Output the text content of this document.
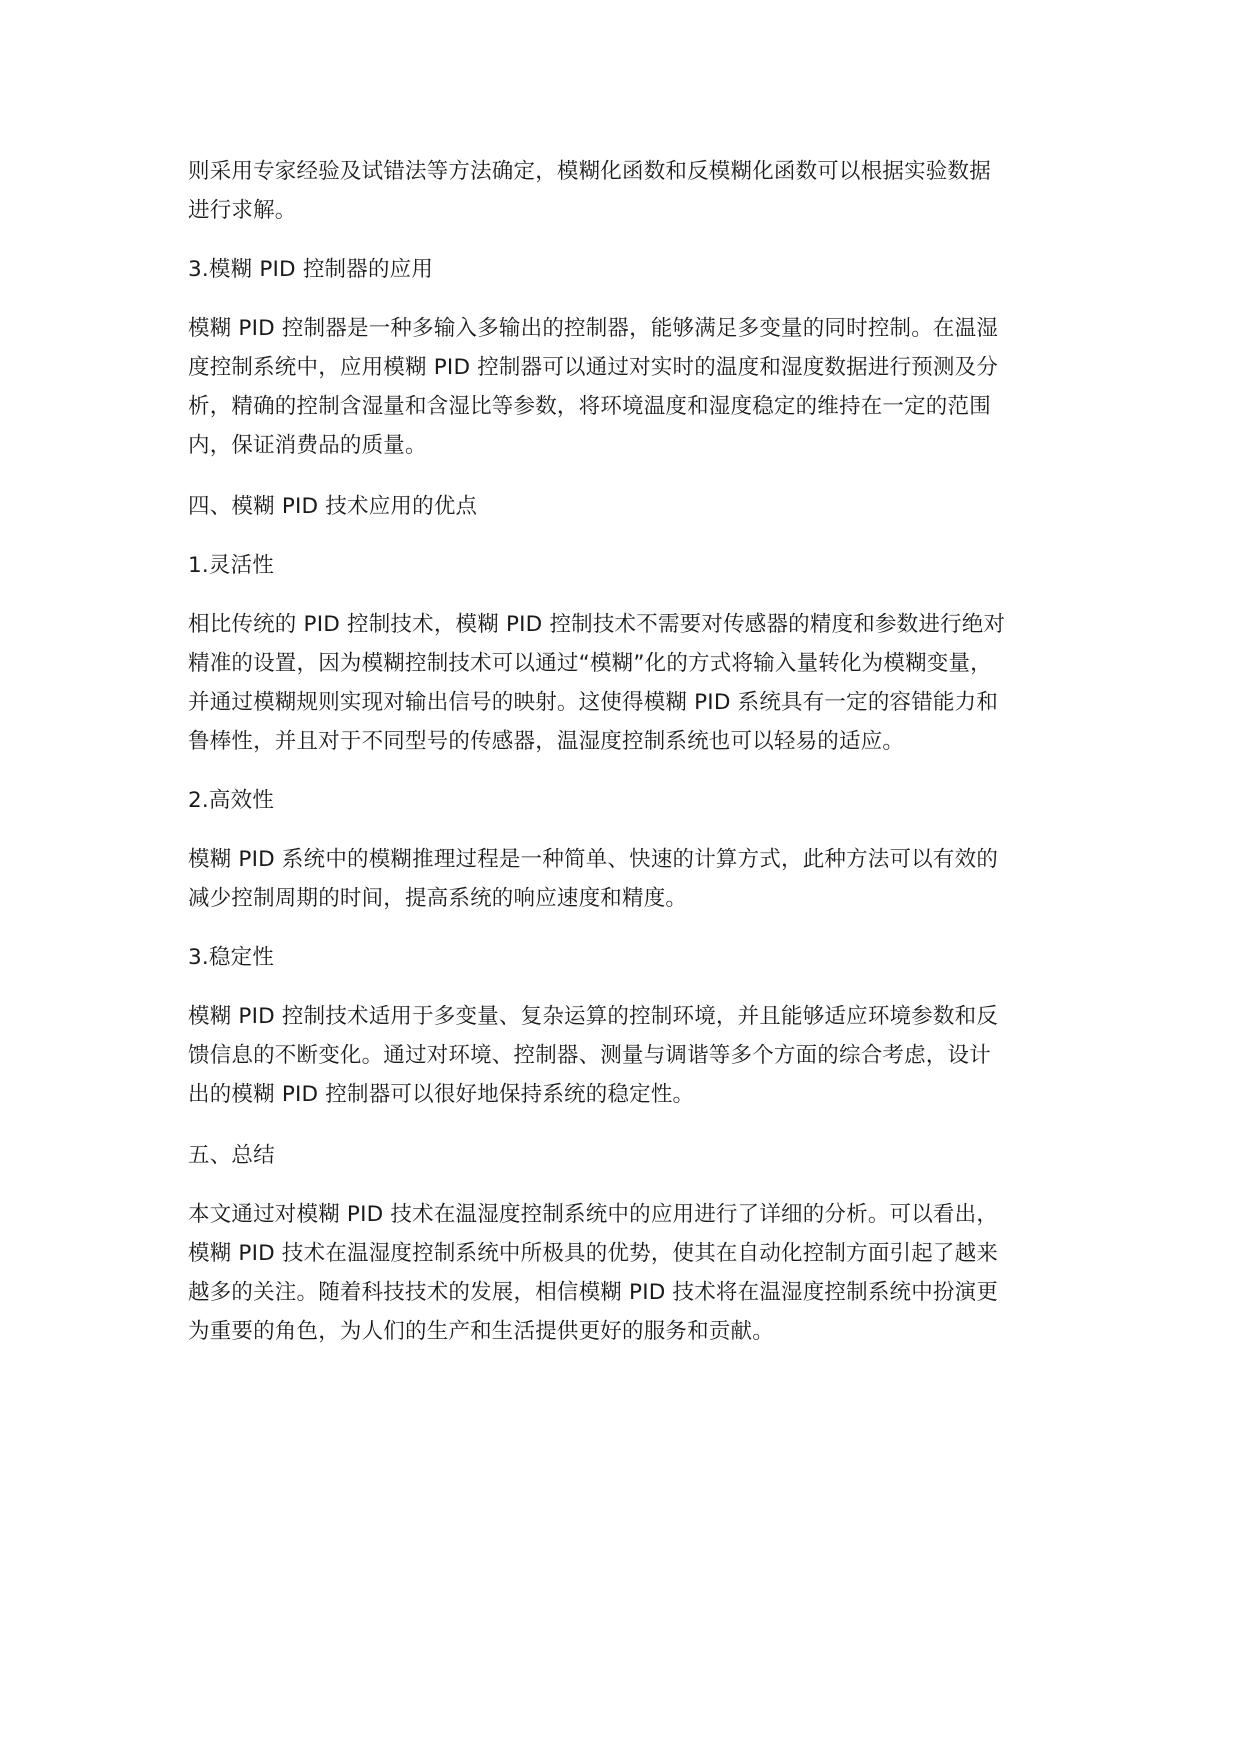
则采用专家经验及试错法等方法确定，模糊化函数和反模糊化函数可以根据实验数据
进行求解。

3.模糊 PID 控制器的应用

模糊 PID 控制器是一种多输入多输出的控制器，能够满足多变量的同时控制。在温湿
度控制系统中，应用模糊 PID 控制器可以通过对实时的温度和湿度数据进行预测及分
析，精确的控制含湿量和含湿比等参数，将环境温度和湿度稳定的维持在一定的范围
内，保证消费品的质量。

四、模糊 PID 技术应用的优点

1.灵活性

相比传统的 PID 控制技术，模糊 PID 控制技术不需要对传感器的精度和参数进行绝对
精准的设置，因为模糊控制技术可以通过“模糊”化的方式将输入量转化为模糊变量，
并通过模糊规则实现对输出信号的映射。这使得模糊 PID 系统具有一定的容错能力和
鲁棒性，并且对于不同型号的传感器，温湿度控制系统也可以轻易的适应。

2.高效性

模糊 PID 系统中的模糊推理过程是一种简单、快速的计算方式，此种方法可以有效的
减少控制周期的时间，提高系统的响应速度和精度。

3.稳定性

模糊 PID 控制技术适用于多变量、复杂运算的控制环境，并且能够适应环境参数和反
馈信息的不断变化。通过对环境、控制器、测量与调谐等多个方面的综合考虑，设计
出的模糊 PID 控制器可以很好地保持系统的稳定性。

五、总结

本文通过对模糊 PID 技术在温湿度控制系统中的应用进行了详细的分析。可以看出，
模糊 PID 技术在温湿度控制系统中所极具的优势，使其在自动化控制方面引起了越来
越多的关注。随着科技技术的发展，相信模糊 PID 技术将在温湿度控制系统中扮演更
为重要的角色，为人们的生产和生活提供更好的服务和贡献。
